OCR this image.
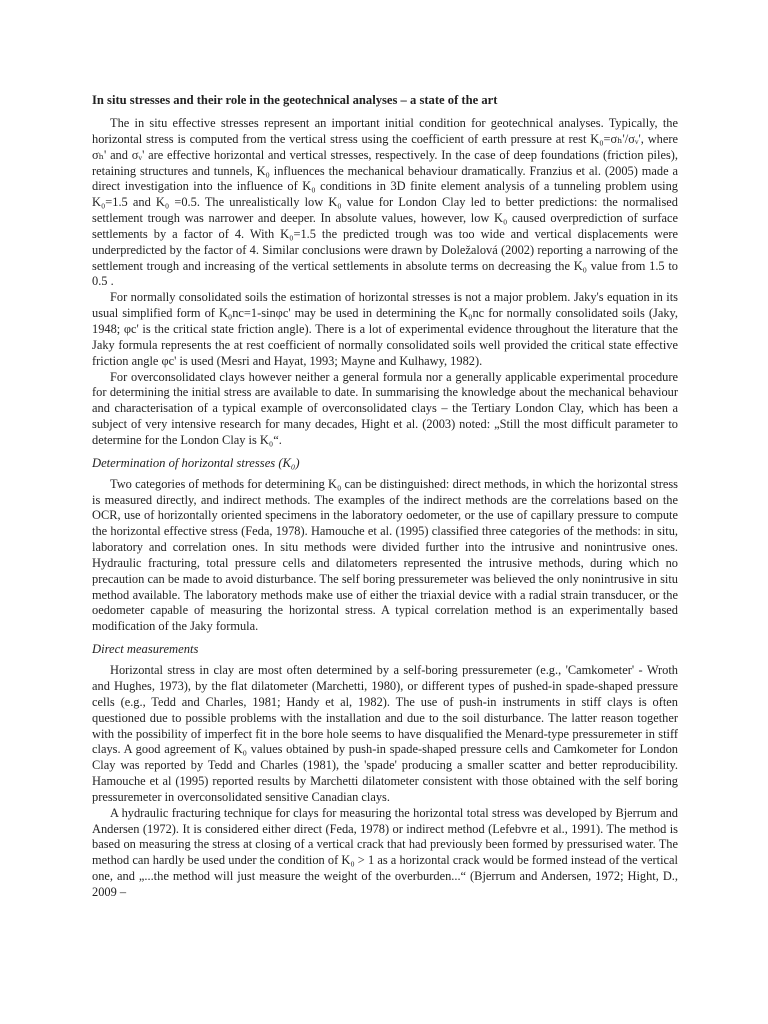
In situ stresses and their role in the geotechnical analyses – a state of the art

The in situ effective stresses represent an important initial condition for geotechnical analyses. Typically, the horizontal stress is computed from the vertical stress using the coefficient of earth pressure at rest K₀=σₕ'/σᵥ', where σₕ' and σᵥ' are effective horizontal and vertical stresses, respectively. In the case of deep foundations (friction piles), retaining structures and tunnels, K₀ influences the mechanical behaviour dramatically. Franzius et al. (2005) made a direct investigation into the influence of K₀ conditions in 3D finite element analysis of a tunneling problem using K₀=1.5 and K₀ =0.5. The unrealistically low K₀ value for London Clay led to better predictions: the normalised settlement trough was narrower and deeper. In absolute values, however, low K₀ caused overprediction of surface settlements by a factor of 4. With K₀=1.5 the predicted trough was too wide and vertical displacements were underpredicted by the factor of 4. Similar conclusions were drawn by Doležalová (2002) reporting a narrowing of the settlement trough and increasing of the vertical settlements in absolute terms on decreasing the K₀ value from 1.5 to 0.5 .

For normally consolidated soils the estimation of horizontal stresses is not a major problem. Jaky's equation in its usual simplified form of K₀nc=1-sinφc' may be used in determining the K₀nc for normally consolidated soils (Jaky, 1948; φc' is the critical state friction angle). There is a lot of experimental evidence throughout the literature that the Jaky formula represents the at rest coefficient of normally consolidated soils well provided the critical state effective friction angle φc' is used (Mesri and Hayat, 1993; Mayne and Kulhawy, 1982).

For overconsolidated clays however neither a general formula nor a generally applicable experimental procedure for determining the initial stress are available to date. In summarising the knowledge about the mechanical behaviour and characterisation of a typical example of overconsolidated clays – the Tertiary London Clay, which has been a subject of very intensive research for many decades, Hight et al. (2003) noted: „Still the most difficult parameter to determine for the London Clay is K₀“.

Determination of horizontal stresses (K₀)

Two categories of methods for determining K₀ can be distinguished: direct methods, in which the horizontal stress is measured directly, and indirect methods. The examples of the indirect methods are the correlations based on the OCR, use of horizontally oriented specimens in the laboratory oedometer, or the use of capillary pressure to compute the horizontal effective stress (Feda, 1978). Hamouche et al. (1995) classified three categories of the methods: in situ, laboratory and correlation ones. In situ methods were divided further into the intrusive and nonintrusive ones. Hydraulic fracturing, total pressure cells and dilatometers represented the intrusive methods, during which no precaution can be made to avoid disturbance. The self boring pressuremeter was believed the only nonintrusive in situ method available. The laboratory methods make use of either the triaxial device with a radial strain transducer, or the oedometer capable of measuring the horizontal stress. A typical correlation method is an experimentally based modification of the Jaky formula.

Direct measurements

Horizontal stress in clay are most often determined by a self-boring pressuremeter (e.g., 'Camkometer' - Wroth and Hughes, 1973), by the flat dilatometer (Marchetti, 1980), or different types of pushed-in spade-shaped pressure cells (e.g., Tedd and Charles, 1981; Handy et al, 1982). The use of push-in instruments in stiff clays is often questioned due to possible problems with the installation and due to the soil disturbance. The latter reason together with the possibility of imperfect fit in the bore hole seems to have disqualified the Menard-type pressuremeter in stiff clays. A good agreement of K₀ values obtained by push-in spade-shaped pressure cells and Camkometer for London Clay was reported by Tedd and Charles (1981), the 'spade' producing a smaller scatter and better reproducibility. Hamouche et al (1995) reported results by Marchetti dilatometer consistent with those obtained with the self boring pressuremeter in overconsolidated sensitive Canadian clays.

A hydraulic fracturing technique for clays for measuring the horizontal total stress was developed by Bjerrum and Andersen (1972). It is considered either direct (Feda, 1978) or indirect method (Lefebvre et al., 1991). The method is based on measuring the stress at closing of a vertical crack that had previously been formed by pressurised water. The method can hardly be used under the condition of K₀ > 1 as a horizontal crack would be formed instead of the vertical one, and „...the method will just measure the weight of the overburden...“ (Bjerrum and Andersen, 1972; Hight, D., 2009 –
